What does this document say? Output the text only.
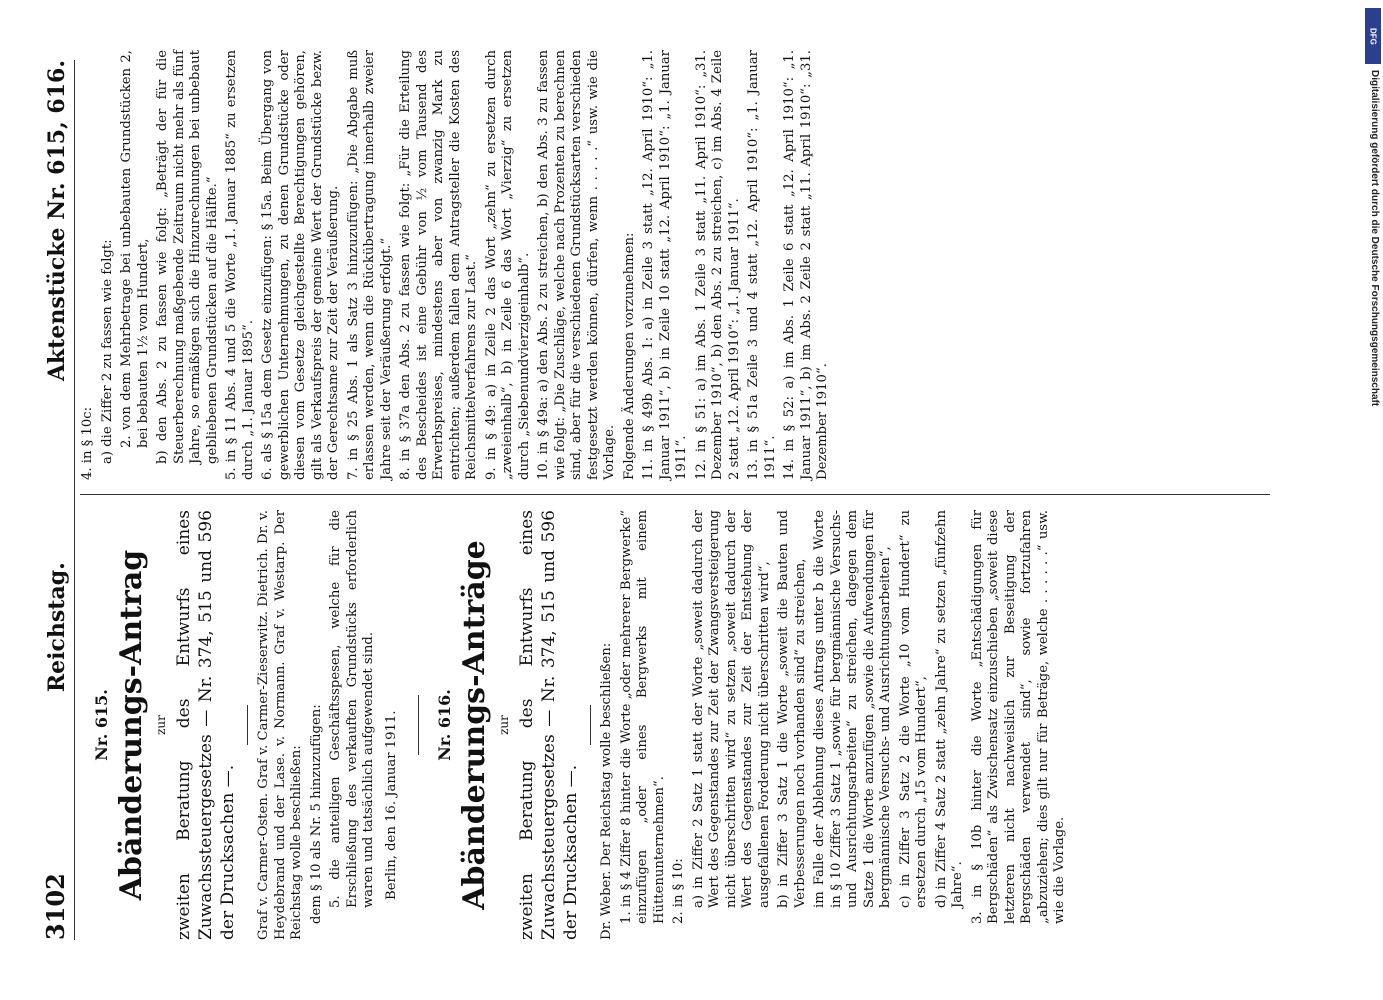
3102
Reichstag.
Aktenstücke Nr. 615, 616.
Nr. 615. Abänderungs-Antrag zur zweiten Beratung des Entwurfs eines Zuwachssteuergesetzes — Nr. 374, 515 und 596 der Drucksachen —. Graf v. Carmer-Osten. Graf v. Carmer-Zieserwitz. Dietrich. Dr. v. Heydebrand und der Lase. v. Normann. Graf v. Westarp. Der Reichstag wolle beschließen: dem § 10 als Nr. 5 hinzuzufügen: 5. die anteiligen Geschäftsspesen, welche für die Erschließung des verkauften Grundstücks erforderlich waren und tatsächlich aufgewendet sind. Berlin, den 16. Januar 1911. Nr. 616. Abänderungs-Anträge zur zweiten Beratung des Entwurfs eines Zuwachssteuergesetzes — Nr. 374, 515 und 596 der Drucksachen —. Dr. Weber. Der Reichstag wolle beschließen: 1. in § 4 Ziffer 8 hinter die Worte „oder mehrerer Bergwerke“ einzufügen „oder eines Bergwerks mit einem Hüttenunternehmen“. 2. in § 10: a) in Ziffer 2 Satz 1 statt der Worte „soweit dadurch der Wert des Gegenstandes zur Zeit der Zwangsversteigerung nicht überschritten wird“ zu setzen „soweit dadurch der Wert des Gegenstandes zur Zeit der Entstehung der ausgefallenen Forderung nicht überschritten wird“, b) in Ziffer 3 Satz 1 die Worte „soweit die Bauten und Verbesserungen noch vorhanden sind“ zu streichen, im Falle der Ablehnung dieses Antrags unter b die Worte in § 10 Ziffer 3 Satz 1 „sowie für bergmännische Versuchs- und Ausrichtungsarbeiten“ zu streichen, dagegen dem Satze 1 die Worte anzufügen „sowie die Aufwendungen für bergmännische Versuchs- und Ausrichtungsarbeiten“, c) in Ziffer 3 Satz 2 die Worte „10 vom Hundert“ zu ersetzen durch „15 vom Hundert“, d) in Ziffer 4 Satz 2 statt „zehn Jahre“ zu setzen „fünfzehn Jahre“. 3. in § 10b hinter die Worte „Entschädigungen für Bergschäden“ als Zwischensatz einzuschieben „soweit diese letzteren nicht nachweislich zur Beseitigung der Bergschäden verwendet sind“, sowie fortzufahren „abzuziehen; dies gilt nur für Beträge, welche . . . . . .“ usw. wie die Vorlage.

4. in § 10c: a) die Ziffer 2 zu fassen wie folgt: 2. von dem Mehrbetrage bei unbebauten Grundstücken 2, bei bebauten 1½ vom Hundert, b) den Abs. 2 zu fassen wie folgt: „Beträgt der für die Steuerberechnung maßgebende Zeitraum nicht mehr als fünf Jahre, so ermäßigen sich die Hinzurechnungen bei unbebaut gebliebenen Grundstücken auf die Hälfte.“ 5. in § 11 Abs. 4 und 5 die Worte „1. Januar 1885“ zu ersetzen durch „1. Januar 1895“. 6. als § 15a dem Gesetz einzufügen: § 15a. Beim Übergang von gewerblichen Unternehmungen, zu denen Grundstücke oder diesen vom Gesetze gleichgestellte Berechtigungen gehören, gilt als Verkaufspreis der gemeine Wert der Grundstücke bezw. der Gerechtsame zur Zeit der Veräußerung. 7. in § 25 Abs. 1 als Satz 3 hinzuzufügen: „Die Abgabe muß erlassen werden, wenn die Rückübertragung innerhalb zweier Jahre seit der Veräußerung erfolgt.“ 8. in § 37a den Abs. 2 zu fassen wie folgt: „Für die Erteilung des Bescheides ist eine Gebühr von ½ vom Tausend des Erwerbspreises, mindestens aber von zwanzig Mark zu entrichten; außerdem fallen dem Antragsteller die Kosten des Reichsmittelverfahrens zur Last.“ 9. in § 49: a) in Zeile 2 das Wort „zehn“ zu ersetzen durch „zweieinhalb“, b) in Zeile 6 das Wort „Vierzig“ zu ersetzen durch „Siebenundvierzigeinhalb“. 10. in § 49a: a) den Abs. 2 zu streichen, b) den Abs. 3 zu fassen wie folgt: „Die Zuschläge, welche nach Prozenten zu berechnen sind, aber für die verschiedenen Grundstücksarten verschieden festgesetzt werden können, dürfen, wenn . . . . .“ usw. wie die Vorlage. Folgende Änderungen vorzunehmen: 11. in § 49b Abs. 1: a) in Zeile 3 statt „12. April 1910“: „1. Januar 1911“, b) in Zeile 10 statt „12. April 1910“: „1. Januar 1911“. 12. in § 51: a) im Abs. 1 Zeile 3 statt „11. April 1910“: „31. Dezember 1910“, b) den Abs. 2 zu streichen, c) im Abs. 4 Zeile 2 statt „12. April 1910“: „1. Januar 1911“. 13. in § 51a Zeile 3 und 4 statt „12. April 1910“: „1. Januar 1911“. 14. in § 52: a) im Abs. 1 Zeile 6 statt „12. April 1910“: „1. Januar 1911“, b) im Abs. 2 Zeile 2 statt „11. April 1910“: „31. Dezember 1910“.

DFG
Digitalisierung gefördert durch die Deutsche Forschungsgemeinschaft
